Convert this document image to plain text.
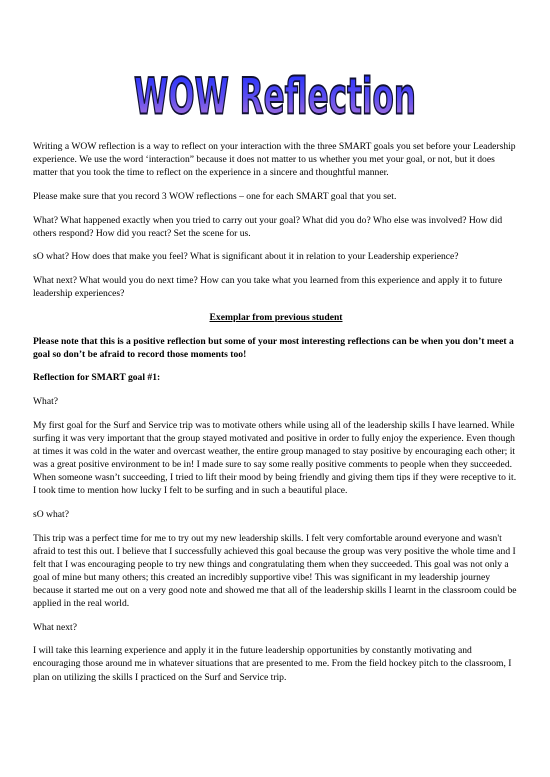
WOW Reflection

Writing a WOW reflection is a way to reflect on your interaction with the three SMART goals you set before your Leadership experience. We use the word ‘interaction” because it does not matter to us whether you met your goal, or not, but it does matter that you took the time to reflect on the experience in a sincere and thoughtful manner.

Please make sure that you record 3 WOW reflections – one for each SMART goal that you set.

What? What happened exactly when you tried to carry out your goal? What did you do? Who else was involved? How did others respond? How did you react? Set the scene for us.

sO what? How does that make you feel? What is significant about it in relation to your Leadership experience?

What next? What would you do next time? How can you take what you learned from this experience and apply it to future leadership experiences?

Exemplar from previous student

Please note that this is a positive reflection but some of your most interesting reflections can be when you don’t meet a goal so don’t be afraid to record those moments too!

Reflection for SMART goal #1:

What?

My first goal for the Surf and Service trip was to motivate others while using all of the leadership skills I have learned. While surfing it was very important that the group stayed motivated and positive in order to fully enjoy the experience. Even though at times it was cold in the water and overcast weather, the entire group managed to stay positive by encouraging each other; it was a great positive environment to be in! I made sure to say some really positive comments to people when they succeeded. When someone wasn’t succeeding, I tried to lift their mood by being friendly and giving them tips if they were receptive to it. I took time to mention how lucky I felt to be surfing and in such a beautiful place.

sO what?

This trip was a perfect time for me to try out my new leadership skills. I felt very comfortable around everyone and wasn't afraid to test this out. I believe that I successfully achieved this goal because the group was very positive the whole time and I felt that I was encouraging people to try new things and congratulating them when they succeeded. This goal was not only a goal of mine but many others; this created an incredibly supportive vibe! This was significant in my leadership journey because it started me out on a very good note and showed me that all of the leadership skills I learnt in the classroom could be applied in the real world.

What next?

I will take this learning experience and apply it in the future leadership opportunities by constantly motivating and encouraging those around me in whatever situations that are presented to me. From the field hockey pitch to the classroom, I plan on utilizing the skills I practiced on the Surf and Service trip.
